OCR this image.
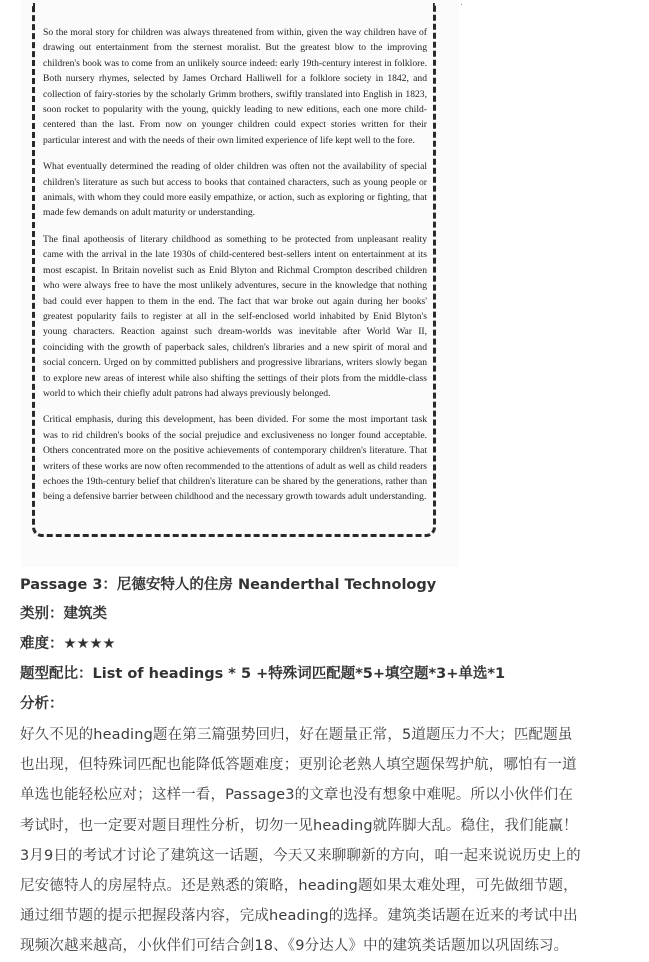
So the moral story for children was always threatened from within, given the way children have of drawing out entertainment from the sternest moralist. But the greatest blow to the improving children's book was to come from an unlikely source indeed: early 19th-century interest in folklore. Both nursery rhymes, selected by James Orchard Halliwell for a folklore society in 1842, and collection of fairy-stories by the scholarly Grimm brothers, swiftly translated into English in 1823, soon rocket to popularity with the young, quickly leading to new editions, each one more child-centered than the last. From now on younger children could expect stories written for their particular interest and with the needs of their own limited experience of life kept well to the fore.

What eventually determined the reading of older children was often not the availability of special children's literature as such but access to books that contained characters, such as young people or animals, with whom they could more easily empathize, or action, such as exploring or fighting, that made few demands on adult maturity or understanding.

The final apotheosis of literary childhood as something to be protected from unpleasant reality came with the arrival in the late 1930s of child-centered best-sellers intent on entertainment at its most escapist. In Britain novelist such as Enid Blyton and Richmal Crompton described children who were always free to have the most unlikely adventures, secure in the knowledge that nothing bad could ever happen to them in the end. The fact that war broke out again during her books' greatest popularity fails to register at all in the self-enclosed world inhabited by Enid Blyton's young characters. Reaction against such dream-worlds was inevitable after World War II, coinciding with the growth of paperback sales, children's libraries and a new spirit of moral and social concern. Urged on by committed publishers and progressive librarians, writers slowly began to explore new areas of interest while also shifting the settings of their plots from the middle-class world to which their chiefly adult patrons had always previously belonged.

Critical emphasis, during this development, has been divided. For some the most important task was to rid children's books of the social prejudice and exclusiveness no longer found acceptable. Others concentrated more on the positive achievements of contemporary children's literature. That writers of these works are now often recommended to the attentions of adult as well as child readers echoes the 19th-century belief that children's literature can be shared by the generations, rather than being a defensive barrier between childhood and the necessary growth towards adult understanding.

Passage 3：尼德安特人的住房 Neanderthal Technology
类别：建筑类
难度：★★★★
题型配比：List of headings * 5 +特殊词匹配题*5+填空题*3+单选*1
分析：
好久不见的heading题在第三篇强势回归，好在题量正常，5道题压力不大；匹配题虽
也出现，但特殊词匹配也能降低答题难度；更别论老熟人填空题保驾护航，哪怕有一道
单选也能轻松应对；这样一看，Passage3的文章也没有想象中难呢。所以小伙伴们在
考试时，也一定要对题目理性分析，切勿一见heading就阵脚大乱。稳住，我们能赢！
3月9日的考试才讨论了建筑这一话题，今天又来聊聊新的方向，咱一起来说说历史上的
尼安德特人的房屋特点。还是熟悉的策略，heading题如果太难处理，可先做细节题，
通过细节题的提示把握段落内容，完成heading的选择。建筑类话题在近来的考试中出
现频次越来越高，小伙伴们可结合剑18、《9分达人》中的建筑类话题加以巩固练习。
